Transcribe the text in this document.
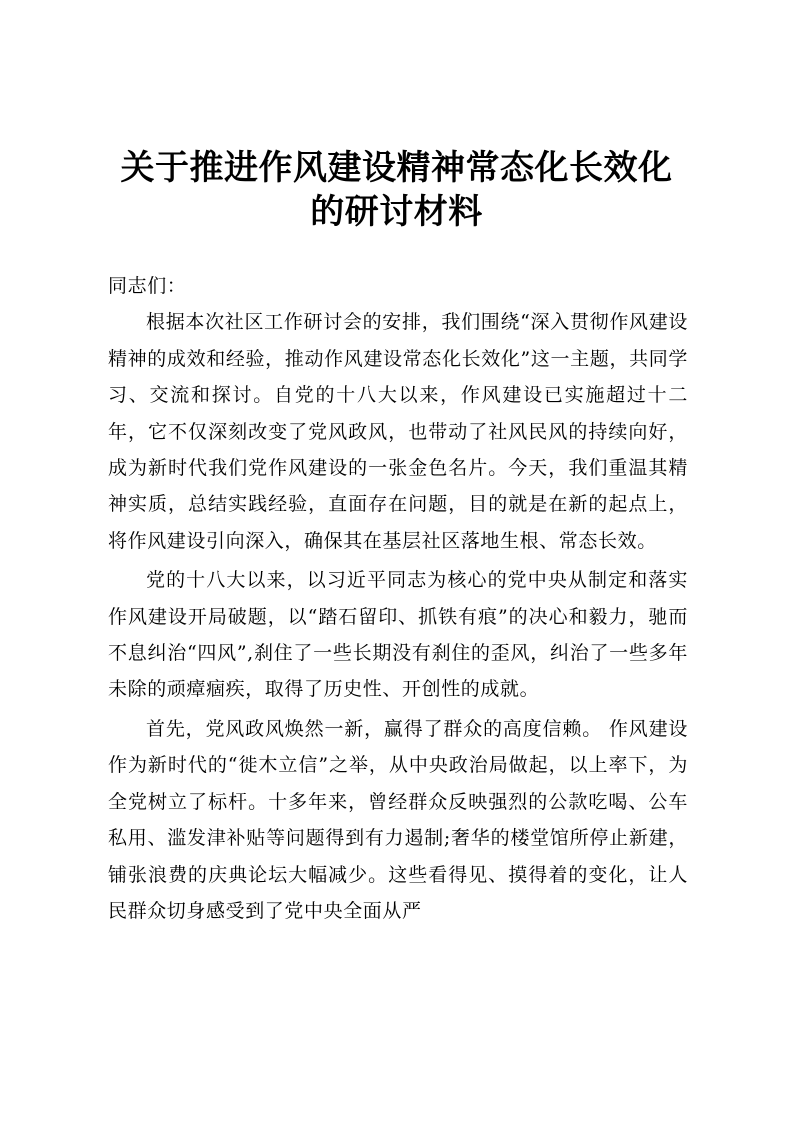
关于推进作风建设精神常态化长效化
的研讨材料

同志们：

根据本次社区工作研讨会的安排，我们围绕“深入贯彻作风建设精神的成效和经验，推动作风建设常态化长效化”这一主题，共同学习、交流和探讨。自党的十八大以来，作风建设已实施超过十二年，它不仅深刻改变了党风政风，也带动了社风民风的持续向好，成为新时代我们党作风建设的一张金色名片。今天，我们重温其精神实质，总结实践经验，直面存在问题，目的就是在新的起点上，将作风建设引向深入，确保其在基层社区落地生根、常态长效。

党的十八大以来，以习近平同志为核心的党中央从制定和落实作风建设开局破题，以“踏石留印、抓铁有痕”的决心和毅力，驰而不息纠治“四风”,刹住了一些长期没有刹住的歪风，纠治了一些多年未除的顽瘴痼疾，取得了历史性、开创性的成就。

首先，党风政风焕然一新，赢得了群众的高度信赖。 作风建设作为新时代的“徙木立信”之举，从中央政治局做起，以上率下，为全党树立了标杆。十多年来，曾经群众反映强烈的公款吃喝、公车私用、滥发津补贴等问题得到有力遏制;奢华的楼堂馆所停止新建，铺张浪费的庆典论坛大幅减少。这些看得见、摸得着的变化，让人民群众切身感受到了党中央全面从严
